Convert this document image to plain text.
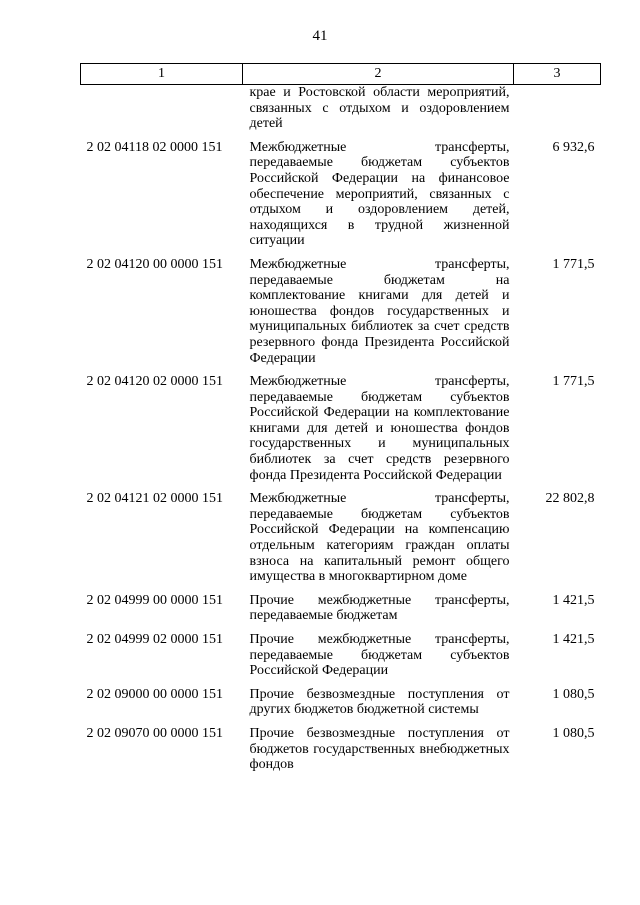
41
1	2	3
	крае и Ростовской области мероприятий, связанных с отдыхом и оздоровлением детей	
2 02 04118 02 0000 151	Межбюджетные трансферты, передаваемые бюджетам субъектов Российской Федерации на финансовое обеспечение мероприятий, связанных с отдыхом и оздоровлением детей, находящихся в трудной жизненной ситуации	6 932,6
2 02 04120 00 0000 151	Межбюджетные трансферты, передаваемые бюджетам на комплектование книгами для детей и юношества фондов государственных и муниципальных библиотек за счет средств резервного фонда Президента Российской Федерации	1 771,5
2 02 04120 02 0000 151	Межбюджетные трансферты, передаваемые бюджетам субъектов Российской Федерации на комплектование книгами для детей и юношества фондов государственных и муниципальных библиотек за счет средств резервного фонда Президента Российской Федерации	1 771,5
2 02 04121 02 0000 151	Межбюджетные трансферты, передаваемые бюджетам субъектов Российской Федерации на компенсацию отдельным категориям граждан оплаты взноса на капитальный ремонт общего имущества в многоквартирном доме	22 802,8
2 02 04999 00 0000 151	Прочие межбюджетные трансферты, передаваемые бюджетам	1 421,5
2 02 04999 02 0000 151	Прочие межбюджетные трансферты, передаваемые бюджетам субъектов Российской Федерации	1 421,5
2 02 09000 00 0000 151	Прочие безвозмездные поступления от других бюджетов бюджетной системы	1 080,5
2 02 09070 00 0000 151	Прочие безвозмездные поступления от бюджетов государственных внебюджетных фондов	1 080,5
